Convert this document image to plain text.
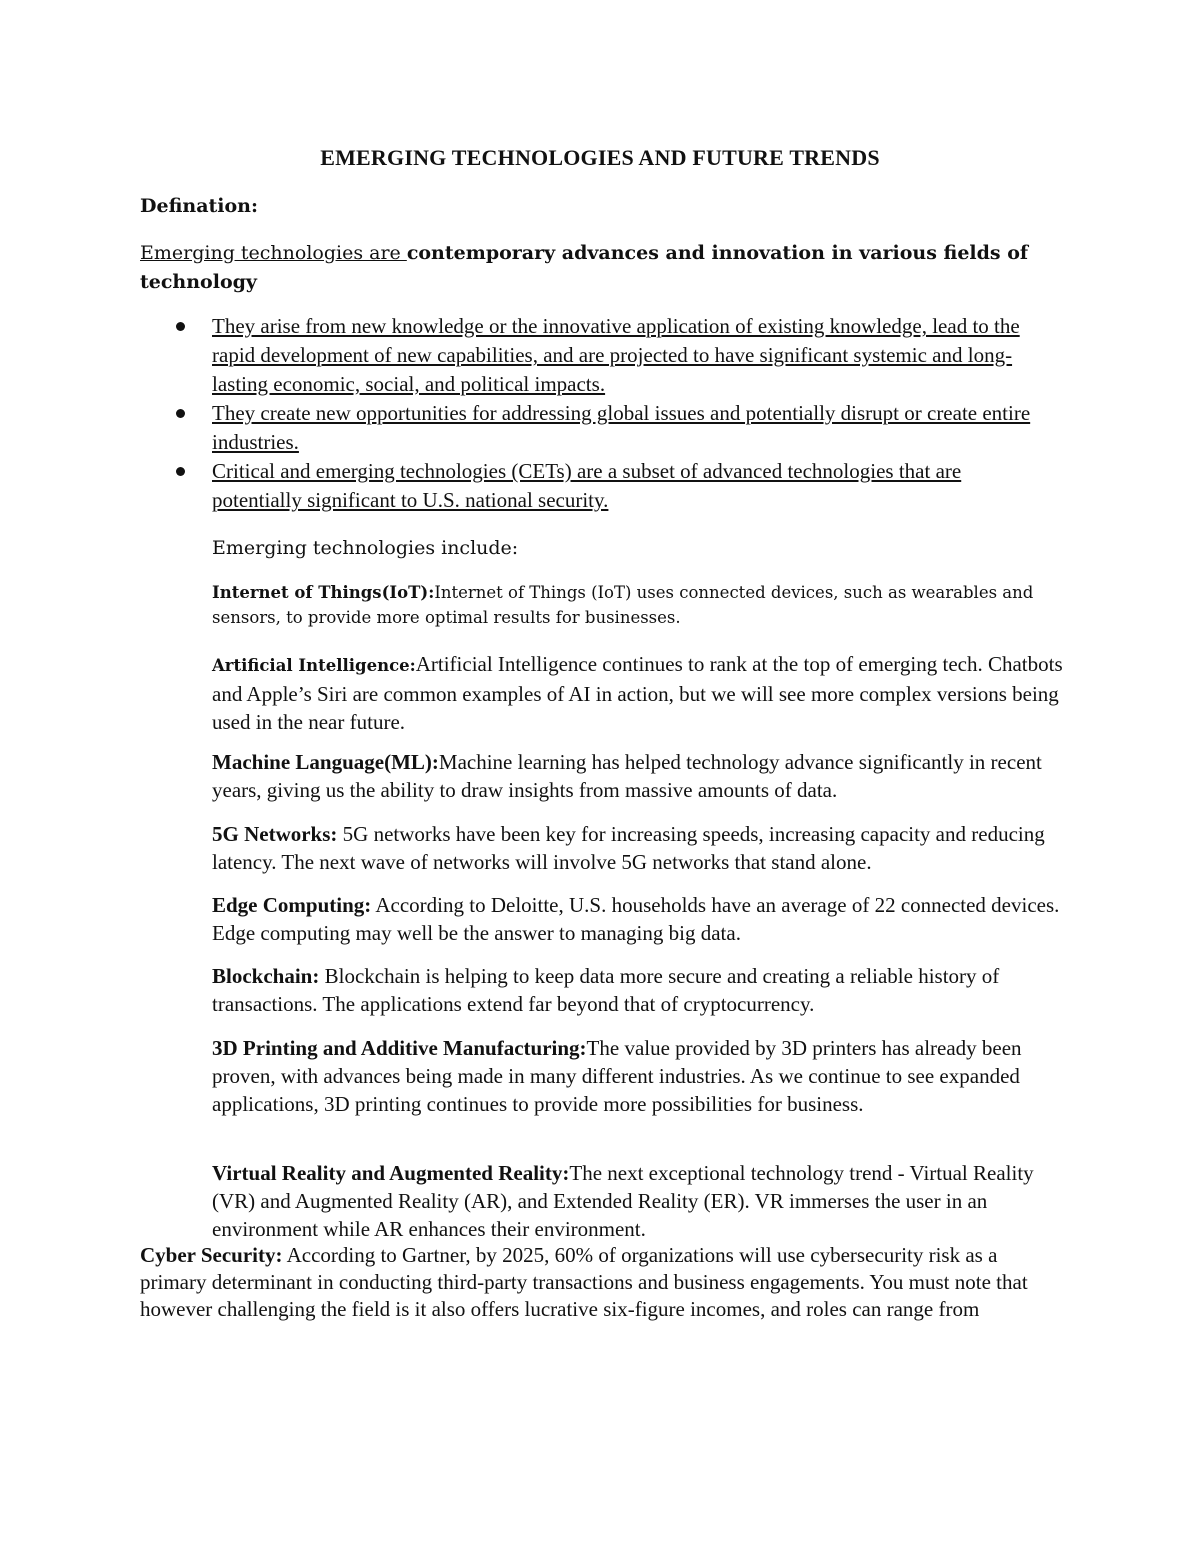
EMERGING TECHNOLOGIES AND FUTURE TRENDS
Defination:
Emerging technologies are contemporary advances and innovation in various fields of technology
They arise from new knowledge or the innovative application of existing knowledge, lead to the rapid development of new capabilities, and are projected to have significant systemic and long-lasting economic, social, and political impacts.
They create new opportunities for addressing global issues and potentially disrupt or create entire industries.
Critical and emerging technologies (CETs) are a subset of advanced technologies that are potentially significant to U.S. national security.
Emerging technologies include:
Internet of Things(IoT):Internet of Things (IoT) uses connected devices, such as wearables and sensors, to provide more optimal results for businesses.
Artificial Intelligence:Artificial Intelligence continues to rank at the top of emerging tech. Chatbots and Apple’s Siri are common examples of AI in action, but we will see more complex versions being used in the near future.
Machine Language(ML):Machine learning has helped technology advance significantly in recent years, giving us the ability to draw insights from massive amounts of data.
5G Networks: 5G networks have been key for increasing speeds, increasing capacity and reducing latency. The next wave of networks will involve 5G networks that stand alone.
Edge Computing: According to Deloitte, U.S. households have an average of 22 connected devices. Edge computing may well be the answer to managing big data.
Blockchain: Blockchain is helping to keep data more secure and creating a reliable history of transactions. The applications extend far beyond that of cryptocurrency.
3D Printing and Additive Manufacturing:The value provided by 3D printers has already been proven, with advances being made in many different industries. As we continue to see expanded applications, 3D printing continues to provide more possibilities for business.
Virtual Reality and Augmented Reality:The next exceptional technology trend - Virtual Reality (VR) and Augmented Reality (AR), and Extended Reality (ER). VR immerses the user in an environment while AR enhances their environment.
Cyber Security: According to Gartner, by 2025, 60% of organizations will use cybersecurity risk as a primary determinant in conducting third-party transactions and business engagements. You must note that however challenging the field is it also offers lucrative six-figure incomes, and roles can range from
